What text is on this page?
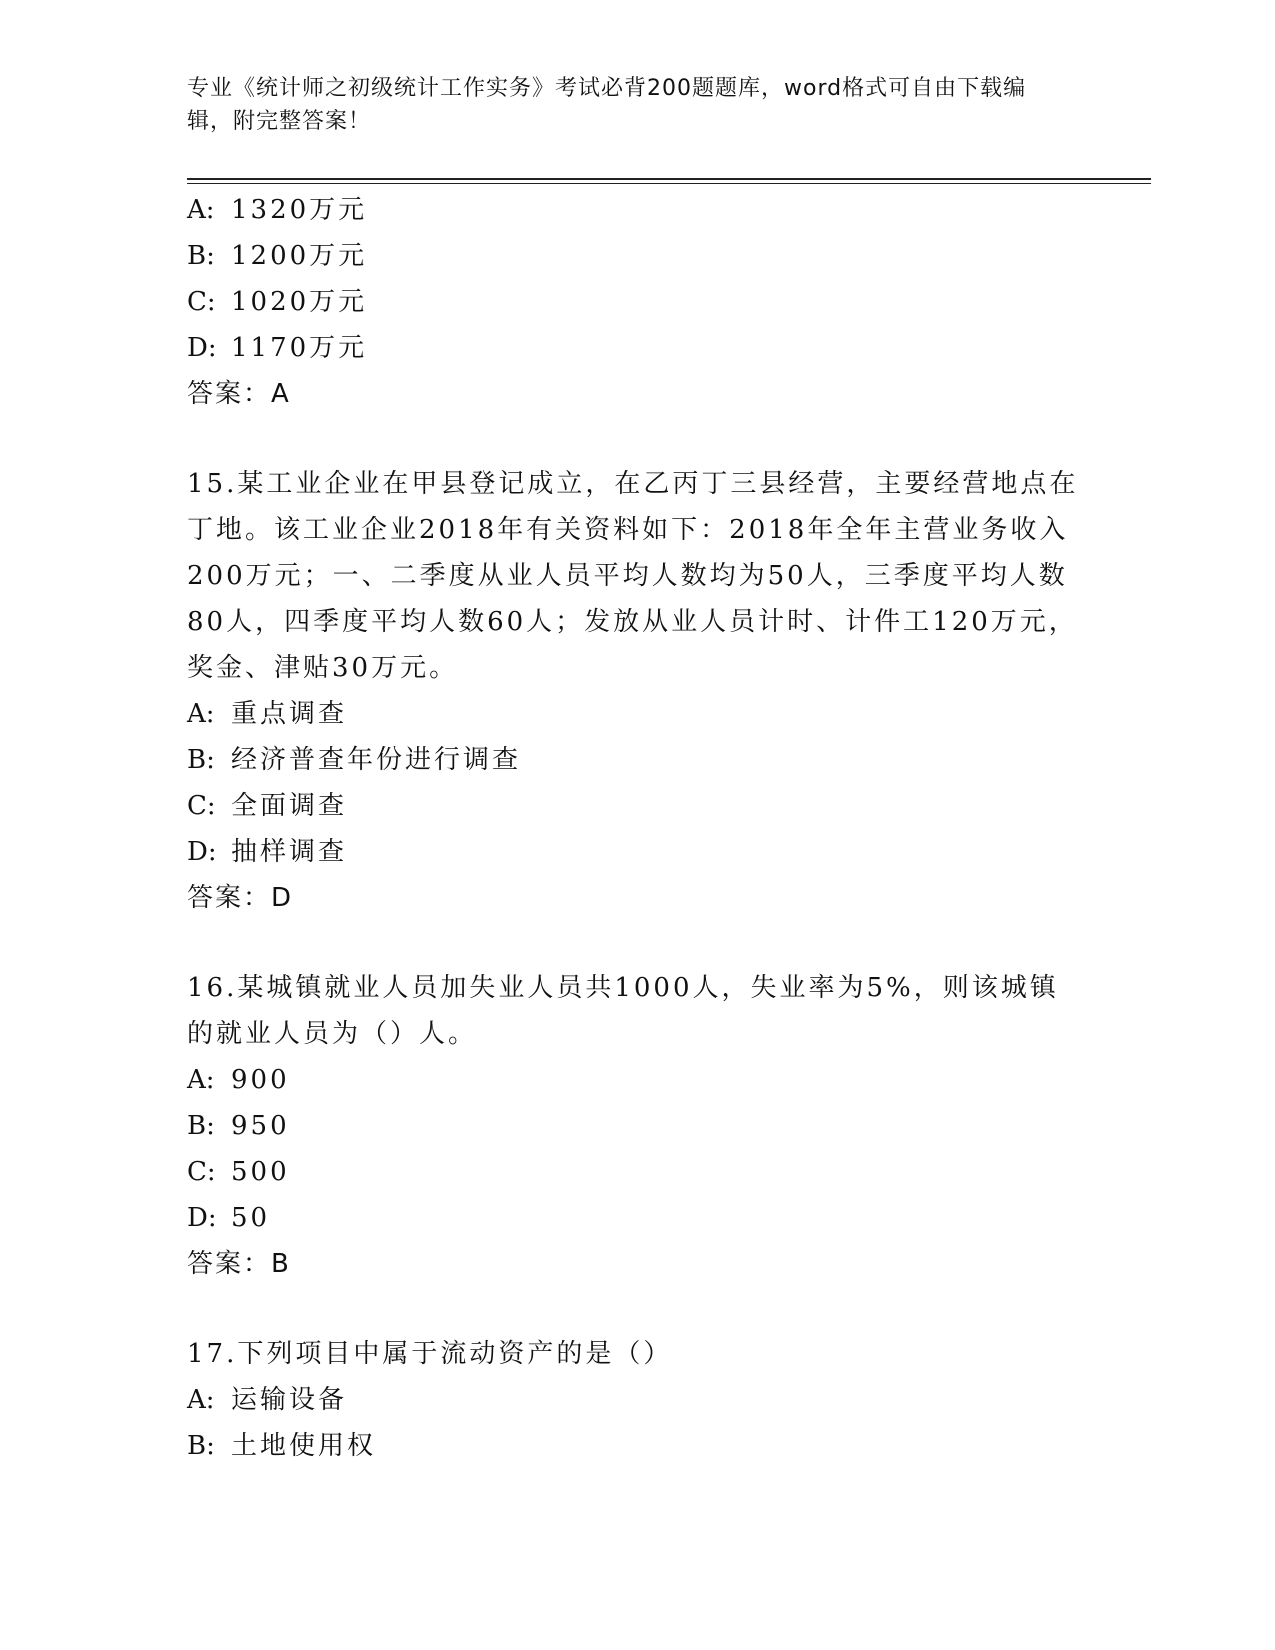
专业《统计师之初级统计工作实务》考试必背200题题库，word格式可自由下载编辑，附完整答案！
A: 1320万元
B: 1200万元
C: 1020万元
D: 1170万元
答案：A
15.某工业企业在甲县登记成立，在乙丙丁三县经营，主要经营地点在丁地。该工业企业2018年有关资料如下：2018年全年主营业务收入200万元；一、二季度从业人员平均人数均为50人，三季度平均人数80人，四季度平均人数60人；发放从业人员计时、计件工120万元，奖金、津贴30万元。
A: 重点调查
B: 经济普查年份进行调查
C: 全面调查
D: 抽样调查
答案：D
16.某城镇就业人员加失业人员共1000人，失业率为5%，则该城镇的就业人员为（）人。
A: 900
B: 950
C: 500
D: 50
答案：B
17.下列项目中属于流动资产的是（）
A: 运输设备
B: 土地使用权
